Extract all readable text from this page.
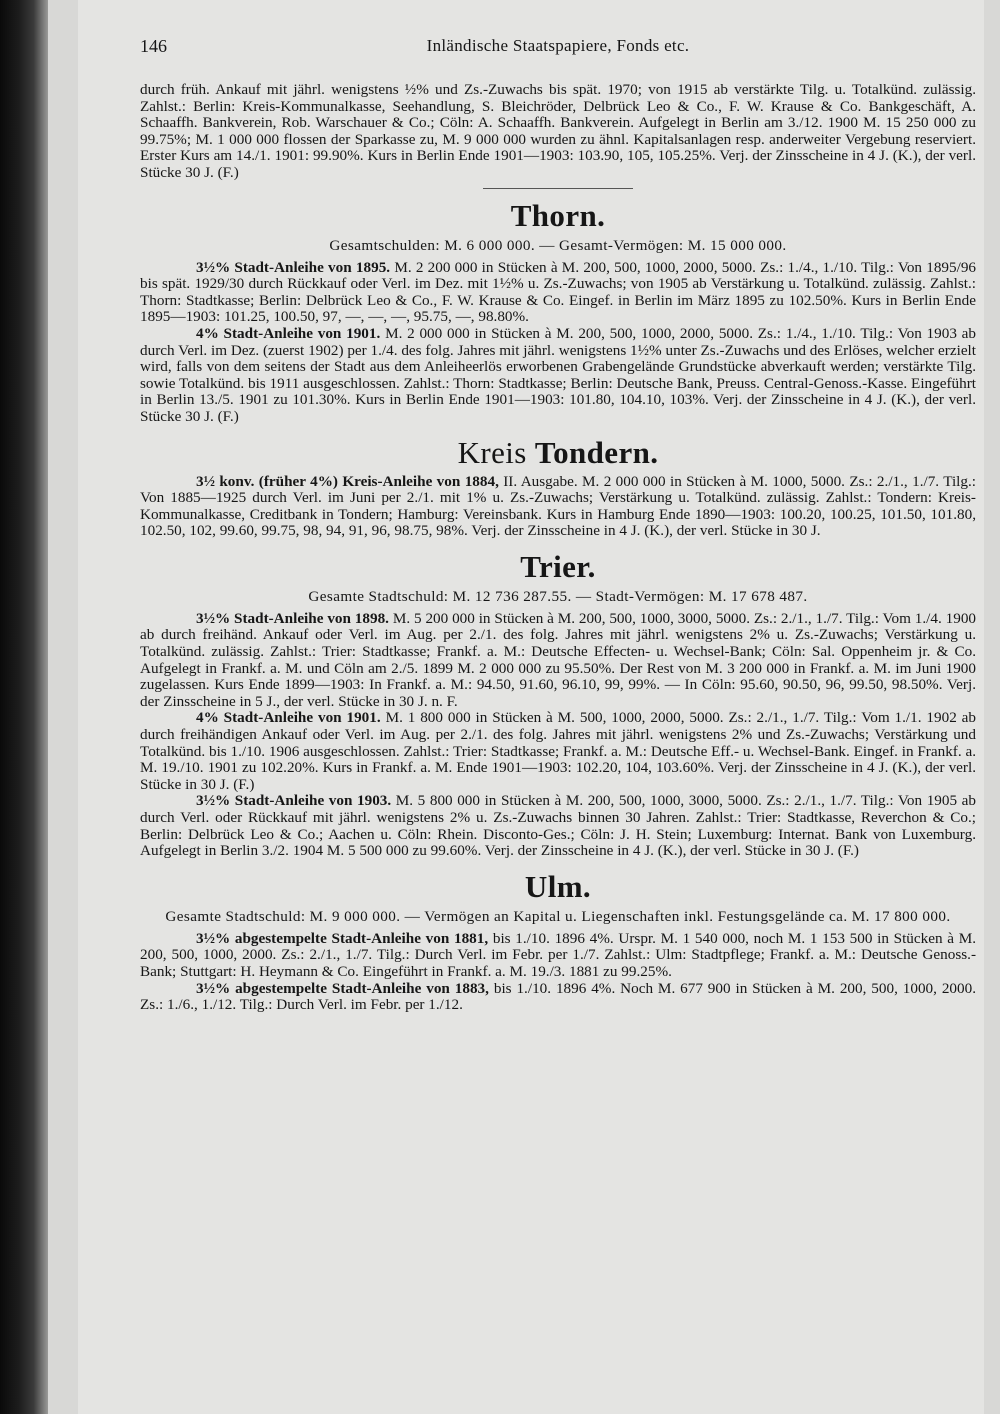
146	Inländische Staatspapiere, Fonds etc.

durch früh. Ankauf mit jährl. wenigstens ½% und Zs.-Zuwachs bis spät. 1970; von 1915 ab verstärkte Tilg. u. Totalkünd. zulässig. Zahlst.: Berlin: Kreis-Kommunalkasse, Seehandlung, S. Bleichröder, Delbrück Leo & Co., F. W. Krause & Co. Bankgeschäft, A. Schaaffh. Bankverein, Rob. Warschauer & Co.; Cöln: A. Schaaffh. Bankverein. Aufgelegt in Berlin am 3./12. 1900 M. 15 250 000 zu 99.75%; M. 1 000 000 flossen der Sparkasse zu, M. 9 000 000 wurden zu ähnl. Kapitalsanlagen resp. anderweiter Vergebung reserviert. Erster Kurs am 14./1. 1901: 99.90%. Kurs in Berlin Ende 1901—1903: 103.90, 105, 105.25%. Verj. der Zinsscheine in 4 J. (K.), der verl. Stücke 30 J. (F.)

Thorn.
Gesamtschulden: M. 6 000 000. — Gesamt-Vermögen: M. 15 000 000.

3½% Stadt-Anleihe von 1895. M. 2 200 000 in Stücken à M. 200, 500, 1000, 2000, 5000. Zs.: 1./4., 1./10. Tilg.: Von 1895/96 bis spät. 1929/30 durch Rückkauf oder Verl. im Dez. mit 1½% u. Zs.-Zuwachs; von 1905 ab Verstärkung u. Totalkünd. zulässig. Zahlst.: Thorn: Stadtkasse; Berlin: Delbrück Leo & Co., F. W. Krause & Co. Eingef. in Berlin im März 1895 zu 102.50%. Kurs in Berlin Ende 1895—1903: 101.25, 100.50, 97, —, —, —, 95.75, —, 98.80%.

4% Stadt-Anleihe von 1901. M. 2 000 000 in Stücken à M. 200, 500, 1000, 2000, 5000. Zs.: 1./4., 1./10. Tilg.: Von 1903 ab durch Verl. im Dez. (zuerst 1902) per 1./4. des folg. Jahres mit jährl. wenigstens 1½% unter Zs.-Zuwachs und des Erlöses, welcher erzielt wird, falls von dem seitens der Stadt aus dem Anleiheerlös erworbenen Grabengelände Grundstücke abverkauft werden; verstärkte Tilg. sowie Totalkünd. bis 1911 ausgeschlossen. Zahlst.: Thorn: Stadtkasse; Berlin: Deutsche Bank, Preuss. Central-Genoss.-Kasse. Eingeführt in Berlin 13./5. 1901 zu 101.30%. Kurs in Berlin Ende 1901—1903: 101.80, 104.10, 103%. Verj. der Zinsscheine in 4 J. (K.), der verl. Stücke 30 J. (F.)

Kreis Tondern.

3½ konv. (früher 4%) Kreis-Anleihe von 1884, II. Ausgabe. M. 2 000 000 in Stücken à M. 1000, 5000. Zs.: 2./1., 1./7. Tilg.: Von 1885—1925 durch Verl. im Juni per 2./1. mit 1% u. Zs.-Zuwachs; Verstärkung u. Totalkünd. zulässig. Zahlst.: Tondern: Kreis-Kommunalkasse, Creditbank in Tondern; Hamburg: Vereinsbank. Kurs in Hamburg Ende 1890—1903: 100.20, 100.25, 101.50, 101.80, 102.50, 102, 99.60, 99.75, 98, 94, 91, 96, 98.75, 98%. Verj. der Zinsscheine in 4 J. (K.), der verl. Stücke in 30 J.

Trier.
Gesamte Stadtschuld: M. 12 736 287.55. — Stadt-Vermögen: M. 17 678 487.

3½% Stadt-Anleihe von 1898. M. 5 200 000 in Stücken à M. 200, 500, 1000, 3000, 5000. Zs.: 2./1., 1./7. Tilg.: Vom 1./4. 1900 ab durch freihänd. Ankauf oder Verl. im Aug. per 2./1. des folg. Jahres mit jährl. wenigstens 2% u. Zs.-Zuwachs; Verstärkung u. Totalkünd. zulässig. Zahlst.: Trier: Stadtkasse; Frankf. a. M.: Deutsche Effecten- u. Wechsel-Bank; Cöln: Sal. Oppenheim jr. & Co. Aufgelegt in Frankf. a. M. und Cöln am 2./5. 1899 M. 2 000 000 zu 95.50%. Der Rest von M. 3 200 000 in Frankf. a. M. im Juni 1900 zugelassen. Kurs Ende 1899—1903: In Frankf. a. M.: 94.50, 91.60, 96.10, 99, 99%. — In Cöln: 95.60, 90.50, 96, 99.50, 98.50%. Verj. der Zinsscheine in 5 J., der verl. Stücke in 30 J. n. F.

4% Stadt-Anleihe von 1901. M. 1 800 000 in Stücken à M. 500, 1000, 2000, 5000. Zs.: 2./1., 1./7. Tilg.: Vom 1./1. 1902 ab durch freihändigen Ankauf oder Verl. im Aug. per 2./1. des folg. Jahres mit jährl. wenigstens 2% und Zs.-Zuwachs; Verstärkung und Totalkünd. bis 1./10. 1906 ausgeschlossen. Zahlst.: Trier: Stadtkasse; Frankf. a. M.: Deutsche Eff.- u. Wechsel-Bank. Eingef. in Frankf. a. M. 19./10. 1901 zu 102.20%. Kurs in Frankf. a. M. Ende 1901—1903: 102.20, 104, 103.60%. Verj. der Zinsscheine in 4 J. (K.), der verl. Stücke in 30 J. (F.)

3½% Stadt-Anleihe von 1903. M. 5 800 000 in Stücken à M. 200, 500, 1000, 3000, 5000. Zs.: 2./1., 1./7. Tilg.: Von 1905 ab durch Verl. oder Rückkauf mit jährl. wenigstens 2% u. Zs.-Zuwachs binnen 30 Jahren. Zahlst.: Trier: Stadtkasse, Reverchon & Co.; Berlin: Delbrück Leo & Co.; Aachen u. Cöln: Rhein. Disconto-Ges.; Cöln: J. H. Stein; Luxemburg: Internat. Bank von Luxemburg. Aufgelegt in Berlin 3./2. 1904 M. 5 500 000 zu 99.60%. Verj. der Zinsscheine in 4 J. (K.), der verl. Stücke in 30 J. (F.)

Ulm.
Gesamte Stadtschuld: M. 9 000 000. — Vermögen an Kapital u. Liegenschaften inkl. Festungsgelände ca. M. 17 800 000.

3½% abgestempelte Stadt-Anleihe von 1881, bis 1./10. 1896 4%. Urspr. M. 1 540 000, noch M. 1 153 500 in Stücken à M. 200, 500, 1000, 2000. Zs.: 2./1., 1./7. Tilg.: Durch Verl. im Febr. per 1./7. Zahlst.: Ulm: Stadtpflege; Frankf. a. M.: Deutsche Genoss.-Bank; Stuttgart: H. Heymann & Co. Eingeführt in Frankf. a. M. 19./3. 1881 zu 99.25%.

3½% abgestempelte Stadt-Anleihe von 1883, bis 1./10. 1896 4%. Noch M. 677 900 in Stücken à M. 200, 500, 1000, 2000. Zs.: 1./6., 1./12. Tilg.: Durch Verl. im Febr. per 1./12.
